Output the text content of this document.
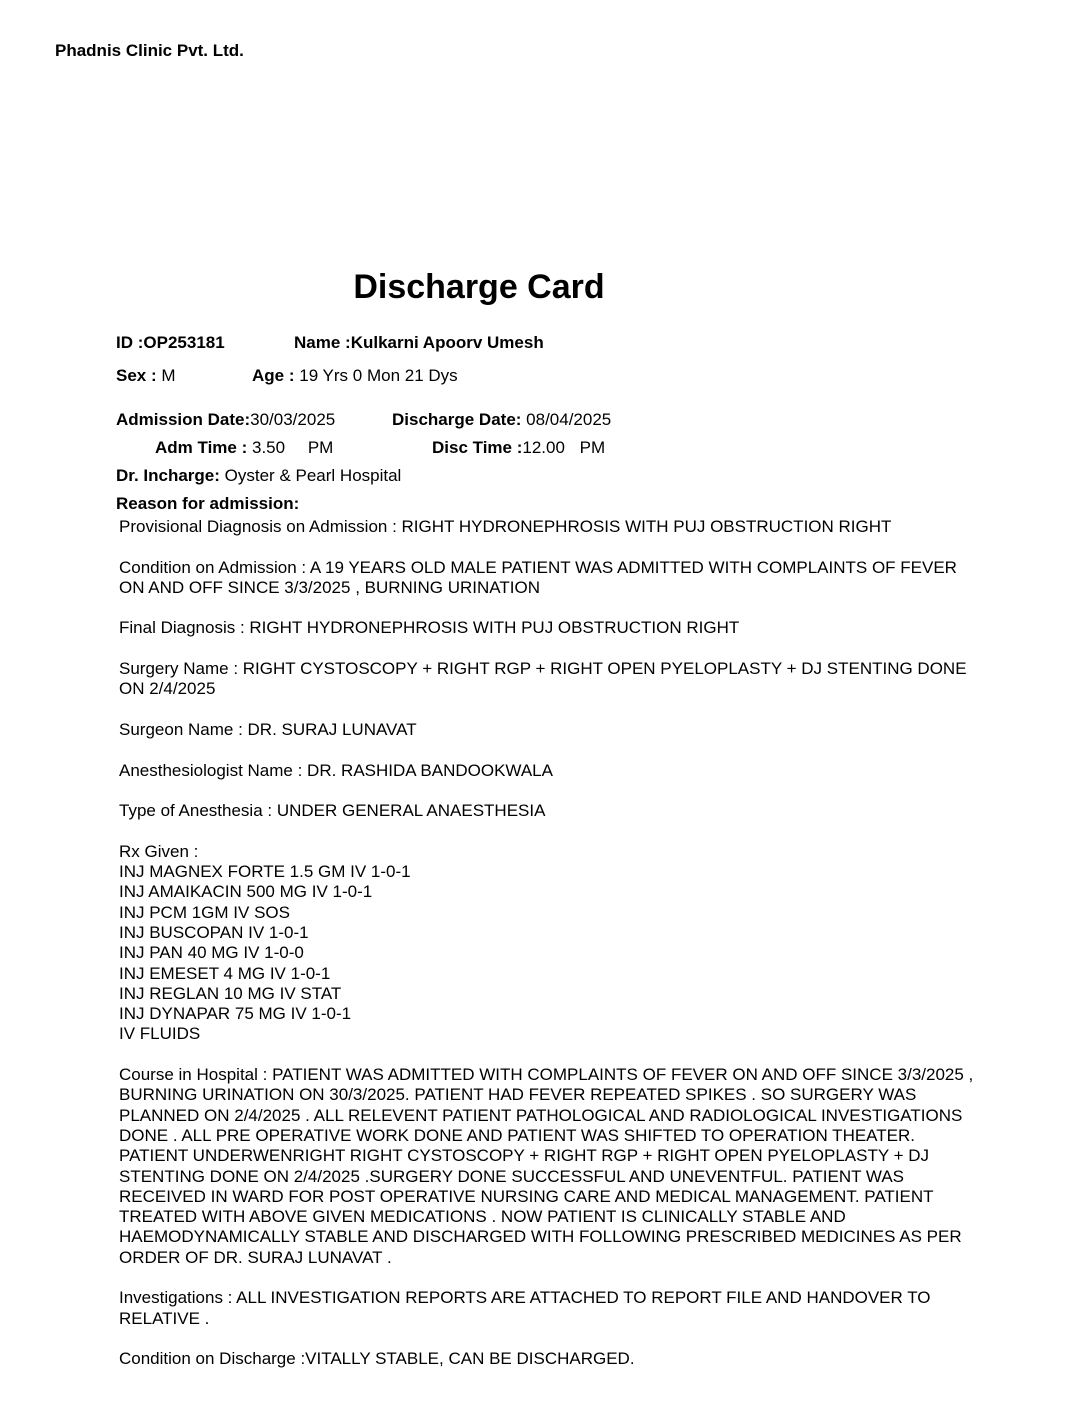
Phadnis Clinic Pvt. Ltd.
Discharge Card
ID :OP253181	Name :Kulkarni Apoorv Umesh
Sex : M	Age : 19 Yrs 0 Mon 21 Dys
Admission Date:30/03/2025	Discharge Date: 08/04/2025
Adm Time : 3.50 PM	Disc Time :12.00 PM
Dr. Incharge: Oyster & Pearl Hospital
Reason for admission:

Provisional Diagnosis on Admission : RIGHT HYDRONEPHROSIS WITH PUJ OBSTRUCTION RIGHT

Condition on Admission : A 19 YEARS OLD MALE PATIENT WAS ADMITTED WITH COMPLAINTS OF FEVER ON AND OFF SINCE 3/3/2025 , BURNING URINATION

Final Diagnosis : RIGHT HYDRONEPHROSIS WITH PUJ OBSTRUCTION RIGHT

Surgery Name : RIGHT CYSTOSCOPY + RIGHT RGP + RIGHT OPEN PYELOPLASTY + DJ STENTING DONE ON 2/4/2025

Surgeon Name : DR. SURAJ LUNAVAT

Anesthesiologist Name : DR. RASHIDA BANDOOKWALA

Type of Anesthesia : UNDER GENERAL ANAESTHESIA

Rx Given :
INJ MAGNEX FORTE 1.5 GM IV 1-0-1
INJ AMAIKACIN 500 MG IV 1-0-1
INJ PCM 1GM IV SOS
INJ BUSCOPAN IV 1-0-1
INJ PAN 40 MG IV 1-0-0
INJ EMESET 4 MG IV 1-0-1
INJ REGLAN 10 MG IV STAT
INJ DYNAPAR 75 MG IV 1-0-1
IV FLUIDS

Course in Hospital : PATIENT WAS ADMITTED WITH COMPLAINTS OF FEVER ON AND OFF SINCE 3/3/2025 , BURNING URINATION ON 30/3/2025. PATIENT HAD FEVER REPEATED SPIKES . SO SURGERY WAS PLANNED ON 2/4/2025 . ALL RELEVENT PATIENT PATHOLOGICAL AND RADIOLOGICAL INVESTIGATIONS DONE . ALL PRE OPERATIVE WORK DONE AND PATIENT WAS SHIFTED TO OPERATION THEATER. PATIENT UNDERWENRIGHT RIGHT CYSTOSCOPY + RIGHT RGP + RIGHT OPEN PYELOPLASTY + DJ STENTING DONE ON 2/4/2025 .SURGERY DONE SUCCESSFUL AND UNEVENTFUL. PATIENT WAS RECEIVED IN WARD FOR POST OPERATIVE NURSING CARE AND MEDICAL MANAGEMENT. PATIENT TREATED WITH ABOVE GIVEN MEDICATIONS . NOW PATIENT IS CLINICALLY STABLE AND HAEMODYNAMICALLY STABLE AND DISCHARGED WITH FOLLOWING PRESCRIBED MEDICINES AS PER ORDER OF DR. SURAJ LUNAVAT .

Investigations : ALL INVESTIGATION REPORTS ARE ATTACHED TO REPORT FILE AND HANDOVER TO RELATIVE .

Condition on Discharge :VITALLY STABLE, CAN BE DISCHARGED.
